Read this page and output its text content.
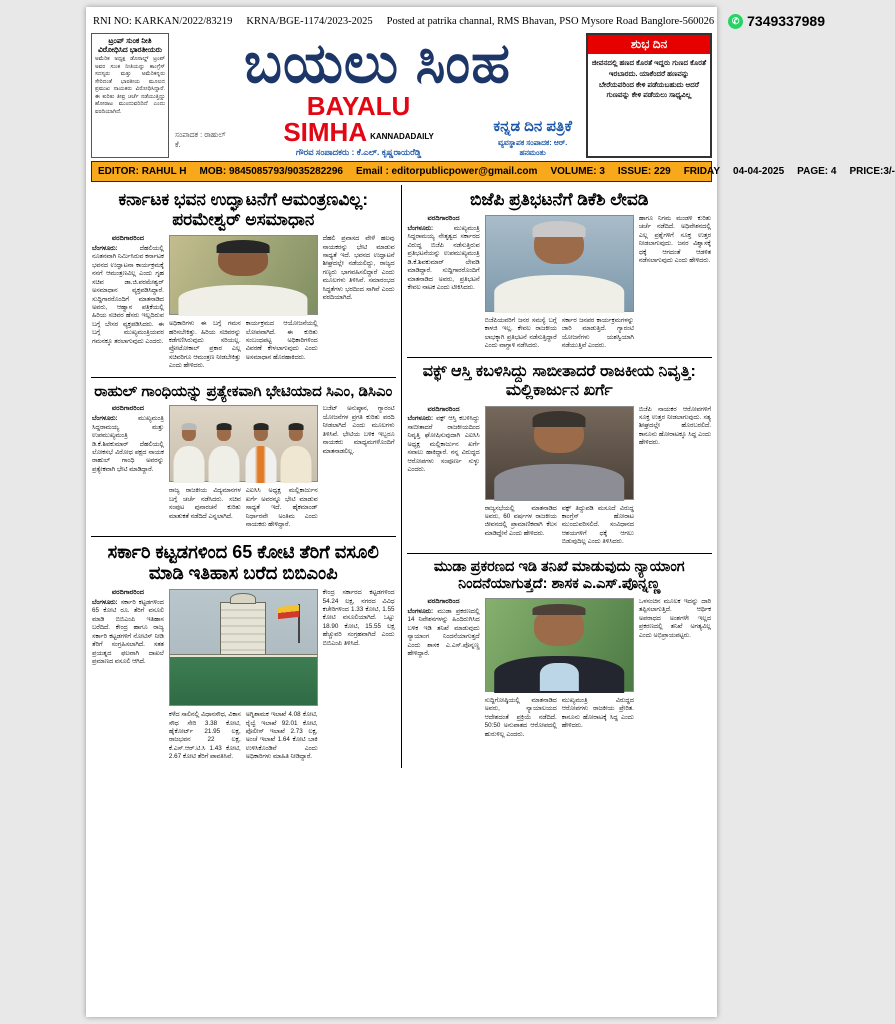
RNI NO: KARKAN/2022/83219 KRNA/BGE-1174/2023-2025 Posted at patrika channal, RMS Bhavan, PSO Mysore Road Banglore-560026	✆ 7349337989
ಟ್ರಂಪ್ ಸುಂಕ ನೀತಿ ವಿರೋಧಿಸಿದ ಭಾರತೀಯರು
ಅಮೆರಿಕ ಅಧ್ಯಕ್ಷ ಡೊನಾಲ್ಡ್ ಟ್ರಂಪ್ ಅವರ ಸುಂಕ ನೀತಿಯನ್ನು ಕಾಂಗ್ರೆಸ್ ಸದಸ್ಯರು ಮತ್ತು ಅಮೆರಿಕನ್ನರು ಸೇರಿದಂತೆ ಭಾರತೀಯ ಮೂಲದ ಪ್ರಮುಖ ನಾಯಕರು ವಿರೋಧಿಸಿದ್ದಾರೆ. ಈ ಕುರಿತು ತೀವ್ರ ಚರ್ಚೆ ನಡೆಯುತ್ತಿದ್ದು ಹೋರಾಟ ಮುಂದುವರಿದಿದೆ ಎಂದು ವರದಿಯಾಗಿದೆ.
ಬಯಲು ಸಿಂಹ
ಸಂಪಾದಕ : ರಾಹುಲ್ ಕೆ.
BAYALU SIMHA KANNADADAILY
ಗೌರವ ಸಂಪಾದಕರು : ಕೆ.ಎಲ್. ಕೃಷ್ಣರಾಯರೆಡ್ಡಿ
ಕನ್ನಡ ದಿನ ಪತ್ರಿಕೆ
ವ್ಯವಸ್ಥಾಪಕ ಸಂಪಾದಕ: ಆರ್. ಹನಮಂತು
ಶುಭ ದಿನ
ಜೀವನದಲ್ಲಿ ಹಣದ ಕೊರತೆ ಇದ್ದರು ಗುಣದ ಕೊರತೆ ಇರಬಾರದು. ಯಾಕೆಂದರೆ ಹಣವನ್ನು ಬೇರೆಯವರಿಂದ ಕೇಳಿ ಪಡೆಯಬಹುದು ಆದರೆ ಗುಣವನ್ನು ಕೇಳಿ ಪಡೆಯಲು ಸಾಧ್ಯವಿಲ್ಲ
EDITOR: RAHUL H MOB: 9845085793/9035282296 Email : editorpublicpower@gmail.com VOLUME: 3 ISSUE: 229 FRIDAY 04-04-2025 PAGE: 4 PRICE:3/-
ಕರ್ನಾಟಕ ಭವನ ಉದ್ಘಾಟನೆಗೆ ಆಮಂತ್ರಣವಿಲ್ಲ: ಪರಮೇಶ್ವರ್ ಅಸಮಾಧಾನ
ವರದಿಗಾರರಿಂದ
ಬೆಂಗಳೂರು:	ದೆಹಲಿಯಲ್ಲಿ ನೂತನವಾಗಿ ನಿರ್ಮಿಸಿರುವ ಕರ್ನಾಟಕ ಭವನದ ಉದ್ಘಾಟನಾ ಕಾರ್ಯಕ್ರಮಕ್ಕೆ ನನಗೆ ಆಮಂತ್ರಣವಿಲ್ಲ ಎಂದು ಗೃಹ ಸಚಿವ ಡಾ.ಜಿ.ಪರಮೇಶ್ವರ್ ಅಸಮಾಧಾನ ವ್ಯಕ್ತಪಡಿಸಿದ್ದಾರೆ. ಸುದ್ದಿಗಾರರೊಂದಿಗೆ ಮಾತನಾಡಿದ ಅವರು, ಆಹ್ವಾನ ಪತ್ರಿಕೆಯಲ್ಲಿ ಹಿರಿಯ ಸಚಿವರ ಹೆಸರು ಇಲ್ಲದಿರುವ ಬಗ್ಗೆ ಬೇಸರ ವ್ಯಕ್ತಪಡಿಸಿದರು. ಈ ಬಗ್ಗೆ ಮುಖ್ಯಮಂತ್ರಿಯವರ ಗಮನಕ್ಕೂ ತರಲಾಗುವುದು ಎಂದರು.
ಅಧಿಕಾರಿಗಳು ಈ ಬಗ್ಗೆ ಗಮನ ಹರಿಸಬೇಕಿತ್ತು. ಹಿರಿಯ ಸಚಿವರನ್ನು ಕಡೆಗಣಿಸಿರುವುದು ಸರಿಯಲ್ಲ. ಪ್ರೋಟೋಕಾಲ್ ಪ್ರಕಾರ ಎಲ್ಲ ಸಚಿವರಿಗೂ ಆಮಂತ್ರಣ ನೀಡಬೇಕಿತ್ತು ಎಂದು ಹೇಳಿದರು.
ಕಾರ್ಯಕ್ರಮದ ಆಯೋಜನೆಯಲ್ಲಿ ಲೋಪವಾಗಿದೆ. ಈ ಕುರಿತು ಸಂಬಂಧಪಟ್ಟ ಅಧಿಕಾರಿಗಳಿಂದ ವಿವರಣೆ ಕೇಳಲಾಗುವುದು ಎಂದು ಅಸಮಾಧಾನ ಹೊರಹಾಕಿದರು.
ದೆಹಲಿ ಪ್ರವಾಸದ ವೇಳೆ ಹಲವು ನಾಯಕರನ್ನು ಭೇಟಿ ಮಾಡುವ ಸಾಧ್ಯತೆ ಇದೆ. ಭವನದ ಉದ್ಘಾಟನೆ ಶೀಘ್ರದಲ್ಲೇ ನಡೆಯಲಿದ್ದು, ರಾಜ್ಯದ ಗಣ್ಯರು ಭಾಗವಹಿಸಲಿದ್ದಾರೆ ಎಂದು ಮೂಲಗಳು ತಿಳಿಸಿವೆ. ಸಮಾರಂಭದ ಸಿದ್ಧತೆಗಳು ಭರದಿಂದ ಸಾಗಿವೆ ಎಂದು ವರದಿಯಾಗಿದೆ.
ರಾಹುಲ್ ಗಾಂಧಿಯನ್ನು ಪ್ರತ್ಯೇಕವಾಗಿ ಭೇಟಿಯಾದ ಸಿಎಂ, ಡಿಸಿಎಂ
ವರದಿಗಾರರಿಂದ
ಬೆಂಗಳೂರು:	ಮುಖ್ಯಮಂತ್ರಿ ಸಿದ್ದರಾಮಯ್ಯ ಮತ್ತು ಉಪಮುಖ್ಯಮಂತ್ರಿ ಡಿ.ಕೆ.ಶಿವಕುಮಾರ್ ದೆಹಲಿಯಲ್ಲಿ ಲೋಕಸಭೆ ವಿರೋಧ ಪಕ್ಷದ ನಾಯಕ ರಾಹುಲ್ ಗಾಂಧಿ ಅವರನ್ನು ಪ್ರತ್ಯೇಕವಾಗಿ ಭೇಟಿ ಮಾಡಿದ್ದಾರೆ.
ರಾಜ್ಯ ರಾಜಕೀಯ ವಿದ್ಯಮಾನಗಳ ಬಗ್ಗೆ ಚರ್ಚೆ ನಡೆಸಿದರು. ಸಚಿವ ಸಂಪುಟ ಪುನಾರಚನೆ ಕುರಿತು ಮಾತುಕತೆ ನಡೆದಿದೆ ಎನ್ನಲಾಗಿದೆ.
ಎಐಸಿಸಿ ಅಧ್ಯಕ್ಷ ಮಲ್ಲಿಕಾರ್ಜುನ ಖರ್ಗೆ ಅವರನ್ನೂ ಭೇಟಿ ಮಾಡುವ ಸಾಧ್ಯತೆ ಇದೆ. ಹೈಕಮಾಂಡ್ ನಿರ್ಧಾರವೇ ಅಂತಿಮ ಎಂದು ನಾಯಕರು ಹೇಳಿದ್ದಾರೆ.
ಬಜೆಟ್ ಅನುಷ್ಠಾನ, ಗ್ಯಾರಂಟಿ ಯೋಜನೆಗಳ ಪ್ರಗತಿ ಕುರಿತು ವರದಿ ನೀಡಲಾಗಿದೆ ಎಂದು ಮೂಲಗಳು ತಿಳಿಸಿವೆ. ಭೇಟಿಯ ಬಳಿಕ ಇಬ್ಬರೂ ನಾಯಕರು ಮಾಧ್ಯಮಗಳೊಂದಿಗೆ ಮಾತನಾಡಲಿಲ್ಲ.
ಸರ್ಕಾರಿ ಕಟ್ಟಡಗಳಿಂದ 65 ಕೋಟಿ ತೆರಿಗೆ ವಸೂಲಿ ಮಾಡಿ ಇತಿಹಾಸ ಬರೆದ ಬಿಬಿಎಂಪಿ
ವರದಿಗಾರರಿಂದ
ಬೆಂಗಳೂರು: ಸರ್ಕಾರಿ ಕಟ್ಟಡಗಳಿಂದ 65 ಕೋಟಿ ರೂ. ತೆರಿಗೆ ವಸೂಲಿ ಮಾಡಿ ಬಿಬಿಎಂಪಿ ಇತಿಹಾಸ ಬರೆದಿದೆ. ಕೇಂದ್ರ ಹಾಗೂ ರಾಜ್ಯ ಸರ್ಕಾರಿ ಕಟ್ಟಡಗಳಿಗೆ ನೋಟಿಸ್ ನೀಡಿ ತೆರಿಗೆ ಸಂಗ್ರಹಿಸಲಾಗಿದೆ. ಸತತ ಪ್ರಯತ್ನದ ಫಲವಾಗಿ ದಾಖಲೆ ಪ್ರಮಾಣದ ವಸೂಲಿ ಆಗಿದೆ.
ಕಳೆದ ಸಾಲಿನಲ್ಲಿ ವಿಧಾನಸೌಧ, ವಿಕಾಸ ಸೌಧ ಸೇರಿ 3.38 ಕೋಟಿ, ಹೈಕೋರ್ಟ್ 21.95 ಲಕ್ಷ, ರಾಜಭವನ 22 ಲಕ್ಷ, ಕೆ.ಎಸ್.ಆರ್.ಟಿ.ಸಿ 1.43 ಕೋಟಿ, 2.67 ಕೋಟಿ ತೆರಿಗೆ ಪಾವತಿಸಿವೆ.
ಅಗ್ನಿಶಾಮಕ ಇಲಾಖೆ 4.08 ಕೋಟಿ, ರೈಲ್ವೆ ಇಲಾಖೆ 92.01 ಕೋಟಿ, ಪೊಲೀಸ್ ಇಲಾಖೆ 2.73 ಲಕ್ಷ, ಅಂಚೆ ಇಲಾಖೆ 1.64 ಕೋಟಿ ಬಾಕಿ ಉಳಿಸಿಕೊಂಡಿವೆ ಎಂದು ಅಧಿಕಾರಿಗಳು ಮಾಹಿತಿ ನೀಡಿದ್ದಾರೆ.
ಕೇಂದ್ರ ಸರ್ಕಾರದ ಕಟ್ಟಡಗಳಿಂದ 54.24 ಲಕ್ಷ, ನಗರದ ವಿವಿಧ ಕಚೇರಿಗಳಿಂದ 1.33 ಕೋಟಿ, 1.55 ಕೋಟಿ ವಸೂಲಿಯಾಗಿದೆ. ಒಟ್ಟು 18.90 ಕೋಟಿ, 15.55 ಲಕ್ಷ ಹೆಚ್ಚುವರಿ ಸಂಗ್ರಹವಾಗಿದೆ ಎಂದು ಬಿಬಿಎಂಪಿ ತಿಳಿಸಿದೆ.
ಬಿಜೆಪಿ ಪ್ರತಿಭಟನೆಗೆ ಡಿಕೆಶಿ ಲೇವಡಿ
ವರದಿಗಾರರಿಂದ
ಬೆಂಗಳೂರು:	ಮುಖ್ಯಮಂತ್ರಿ ಸಿದ್ದರಾಮಯ್ಯ ನೇತೃತ್ವದ ಸರ್ಕಾರದ ವಿರುದ್ಧ ಬಿಜೆಪಿ ನಡೆಸುತ್ತಿರುವ ಪ್ರತಿಭಟನೆಯನ್ನು ಉಪಮುಖ್ಯಮಂತ್ರಿ ಡಿ.ಕೆ.ಶಿವಕುಮಾರ್ ಲೇವಡಿ ಮಾಡಿದ್ದಾರೆ. ಸುದ್ದಿಗಾರರೊಂದಿಗೆ ಮಾತನಾಡಿದ ಅವರು, ಪ್ರತಿಭಟನೆ ಕೇವಲ ನಾಟಕ ಎಂದು ಟೀಕಿಸಿದರು.
ಬಿಜೆಪಿಯವರಿಗೆ ಜನರ ಸಮಸ್ಯೆ ಬಗ್ಗೆ ಕಾಳಜಿ ಇಲ್ಲ. ಕೇವಲ ರಾಜಕೀಯ ಲಾಭಕ್ಕಾಗಿ ಪ್ರತಿಭಟನೆ ನಡೆಸುತ್ತಿದ್ದಾರೆ ಎಂದು ವಾಗ್ದಾಳಿ ನಡೆಸಿದರು.
ಸರ್ಕಾರ ಜನಪರ ಕಾರ್ಯಕ್ರಮಗಳನ್ನು ಜಾರಿ ಮಾಡುತ್ತಿದೆ. ಗ್ಯಾರಂಟಿ ಯೋಜನೆಗಳು ಯಶಸ್ವಿಯಾಗಿ ನಡೆಯುತ್ತಿವೆ ಎಂದರು.
ಹಾಗೂ ನಿಗಮ ಮಂಡಳಿ ಕುರಿತು ಚರ್ಚೆ ನಡೆದಿದೆ. ಅಧಿವೇಶನದಲ್ಲಿ ಎಲ್ಲ ಪ್ರಶ್ನೆಗಳಿಗೆ ಸೂಕ್ತ ಉತ್ತರ ನೀಡಲಾಗುವುದು. ಜನರ ವಿಶ್ವಾಸಕ್ಕೆ ಧಕ್ಕೆ ಆಗದಂತೆ ಆಡಳಿತ ನಡೆಸಲಾಗುವುದು ಎಂದು ಹೇಳಿದರು.
ವಕ್ಫ್ ಆಸ್ತಿ ಕಬಳಿಸಿದ್ದು ಸಾಬೀತಾದರೆ ರಾಜಕೀಯ ನಿವೃತ್ತಿ: ಮಲ್ಲಿಕಾರ್ಜುನ ಖರ್ಗೆ
ವರದಿಗಾರರಿಂದ
ಬೆಂಗಳೂರು: ವಕ್ಫ್ ಆಸ್ತಿ ಕಬಳಿಸಿದ್ದು ಸಾಬೀತಾದರೆ ರಾಜಕೀಯದಿಂದ ನಿವೃತ್ತಿ ಘೋಷಿಸುವುದಾಗಿ ಎಐಸಿಸಿ ಅಧ್ಯಕ್ಷ ಮಲ್ಲಿಕಾರ್ಜುನ ಖರ್ಗೆ ಸವಾಲು ಹಾಕಿದ್ದಾರೆ. ನನ್ನ ವಿರುದ್ಧದ ಆರೋಪಗಳು ಸಂಪೂರ್ಣ ಸುಳ್ಳು ಎಂದರು.
ರಾಜ್ಯಸಭೆಯಲ್ಲಿ ಮಾತನಾಡಿದ ಅವರು, 60 ವರ್ಷಗಳ ರಾಜಕೀಯ ಜೀವನದಲ್ಲಿ ಪ್ರಾಮಾಣಿಕವಾಗಿ ಕೆಲಸ ಮಾಡಿದ್ದೇನೆ ಎಂದು ಹೇಳಿದರು.
ವಕ್ಫ್ ತಿದ್ದುಪಡಿ ಮಸೂದೆ ವಿರುದ್ಧ ಕಾಂಗ್ರೆಸ್ ಹೋರಾಟ ಮುಂದುವರಿಸಲಿದೆ. ಸಂವಿಧಾನದ ಆಶಯಗಳಿಗೆ ಧಕ್ಕೆ ಆಗಲು ಬಿಡುವುದಿಲ್ಲ ಎಂದು ತಿಳಿಸಿದರು.
ಬಿಜೆಪಿ ನಾಯಕರ ಆರೋಪಗಳಿಗೆ ಸೂಕ್ತ ಉತ್ತರ ನೀಡಲಾಗುವುದು. ಸತ್ಯ ಶೀಘ್ರದಲ್ಲೇ ಹೊರಬರಲಿದೆ. ಕಾನೂನು ಹೋರಾಟಕ್ಕೂ ಸಿದ್ಧ ಎಂದು ಹೇಳಿದರು.
ಮುಡಾ ಪ್ರಕರಣದ ಇಡಿ ತನಿಖೆ ಮಾಡುವುದು ನ್ಯಾಯಾಂಗ ನಿಂದನೆಯಾಗುತ್ತದೆ: ಶಾಸಕ ಎ.ಎಸ್.ಪೊನ್ನಣ್ಣ
ವರದಿಗಾರರಿಂದ
ಬೆಂಗಳೂರು: ಮುಡಾ ಪ್ರಕರಣದಲ್ಲಿ 14 ನಿವೇಶನಗಳನ್ನು ಹಿಂದಿರುಗಿಸಿದ ಬಳಿಕ ಇಡಿ ತನಿಖೆ ಮಾಡುವುದು ನ್ಯಾಯಾಂಗ ನಿಂದನೆಯಾಗುತ್ತದೆ ಎಂದು ಶಾಸಕ ಎ.ಎಸ್.ಪೊನ್ನಣ್ಣ ಹೇಳಿದ್ದಾರೆ.
ಸುದ್ದಿಗೋಷ್ಠಿಯಲ್ಲಿ ಮಾತನಾಡಿದ ಅವರು, ನ್ಯಾಯಾಲಯದ ಆದೇಶದಂತೆ ಪ್ರಕ್ರಿಯೆ ನಡೆದಿದೆ. 50:50 ಅನುಪಾತದ ಆರೋಪದಲ್ಲಿ ಹುರುಳಿಲ್ಲ ಎಂದರು.
ಮುಖ್ಯಮಂತ್ರಿ ವಿರುದ್ಧದ ಆರೋಪಗಳು ರಾಜಕೀಯ ಪ್ರೇರಿತ. ಕಾನೂನು ಹೋರಾಟಕ್ಕೆ ಸಿದ್ಧ ಎಂದು ಹೇಳಿದರು.
ಒಳಸಂಚಿನ ಮೂಲಕ ಇದನ್ನು ದಾರಿ ತಪ್ಪಿಸಲಾಗುತ್ತಿದೆ. ಆರ್ಥಿಕ ಅಪರಾಧದ ಅಂಶಗಳೇ ಇಲ್ಲದ ಪ್ರಕರಣದಲ್ಲಿ ತನಿಖೆ ಅಗತ್ಯವಿಲ್ಲ ಎಂದು ಅಭಿಪ್ರಾಯಪಟ್ಟರು.
